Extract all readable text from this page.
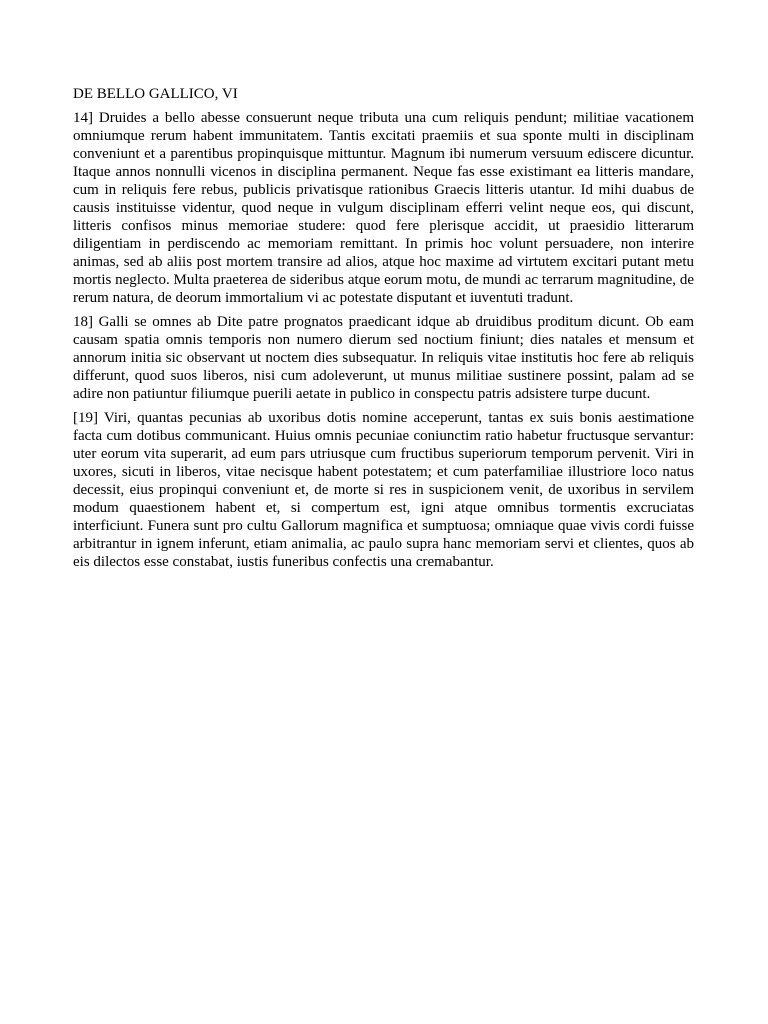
DE BELLO GALLICO, VI

14] Druides a bello abesse consuerunt neque tributa una cum reliquis pendunt; militiae vacationem omniumque rerum habent immunitatem. Tantis excitati praemiis et sua sponte multi in disciplinam conveniunt et a parentibus propinquisque mittuntur. Magnum ibi numerum versuum ediscere dicuntur. Itaque annos nonnulli vicenos in disciplina permanent. Neque fas esse existimant ea litteris mandare, cum in reliquis fere rebus, publicis privatisque rationibus Graecis litteris utantur. Id mihi duabus de causis instituisse videntur, quod neque in vulgum disciplinam efferri velint neque eos, qui discunt, litteris confisos minus memoriae studere: quod fere plerisque accidit, ut praesidio litterarum diligentiam in perdiscendo ac memoriam remittant. In primis hoc volunt persuadere, non interire animas, sed ab aliis post mortem transire ad alios, atque hoc maxime ad virtutem excitari putant metu mortis neglecto. Multa praeterea de sideribus atque eorum motu, de mundi ac terrarum magnitudine, de rerum natura, de deorum immortalium vi ac potestate disputant et iuventuti tradunt.

18] Galli se omnes ab Dite patre prognatos praedicant idque ab druidibus proditum dicunt. Ob eam causam spatia omnis temporis non numero dierum sed noctium finiunt; dies natales et mensum et annorum initia sic observant ut noctem dies subsequatur. In reliquis vitae institutis hoc fere ab reliquis differunt, quod suos liberos, nisi cum adoleverunt, ut munus militiae sustinere possint, palam ad se adire non patiuntur filiumque puerili aetate in publico in conspectu patris adsistere turpe ducunt.

[19] Viri, quantas pecunias ab uxoribus dotis nomine acceperunt, tantas ex suis bonis aestimatione facta cum dotibus communicant. Huius omnis pecuniae coniunctim ratio habetur fructusque servantur: uter eorum vita superarit, ad eum pars utriusque cum fructibus superiorum temporum pervenit. Viri in uxores, sicuti in liberos, vitae necisque habent potestatem; et cum paterfamiliae illustriore loco natus decessit, eius propinqui conveniunt et, de morte si res in suspicionem venit, de uxoribus in servilem modum quaestionem habent et, si compertum est, igni atque omnibus tormentis excruciatas interficiunt. Funera sunt pro cultu Gallorum magnifica et sumptuosa; omniaque quae vivis cordi fuisse arbitrantur in ignem inferunt, etiam animalia, ac paulo supra hanc memoriam servi et clientes, quos ab eis dilectos esse constabat, iustis funeribus confectis una cremabantur.
